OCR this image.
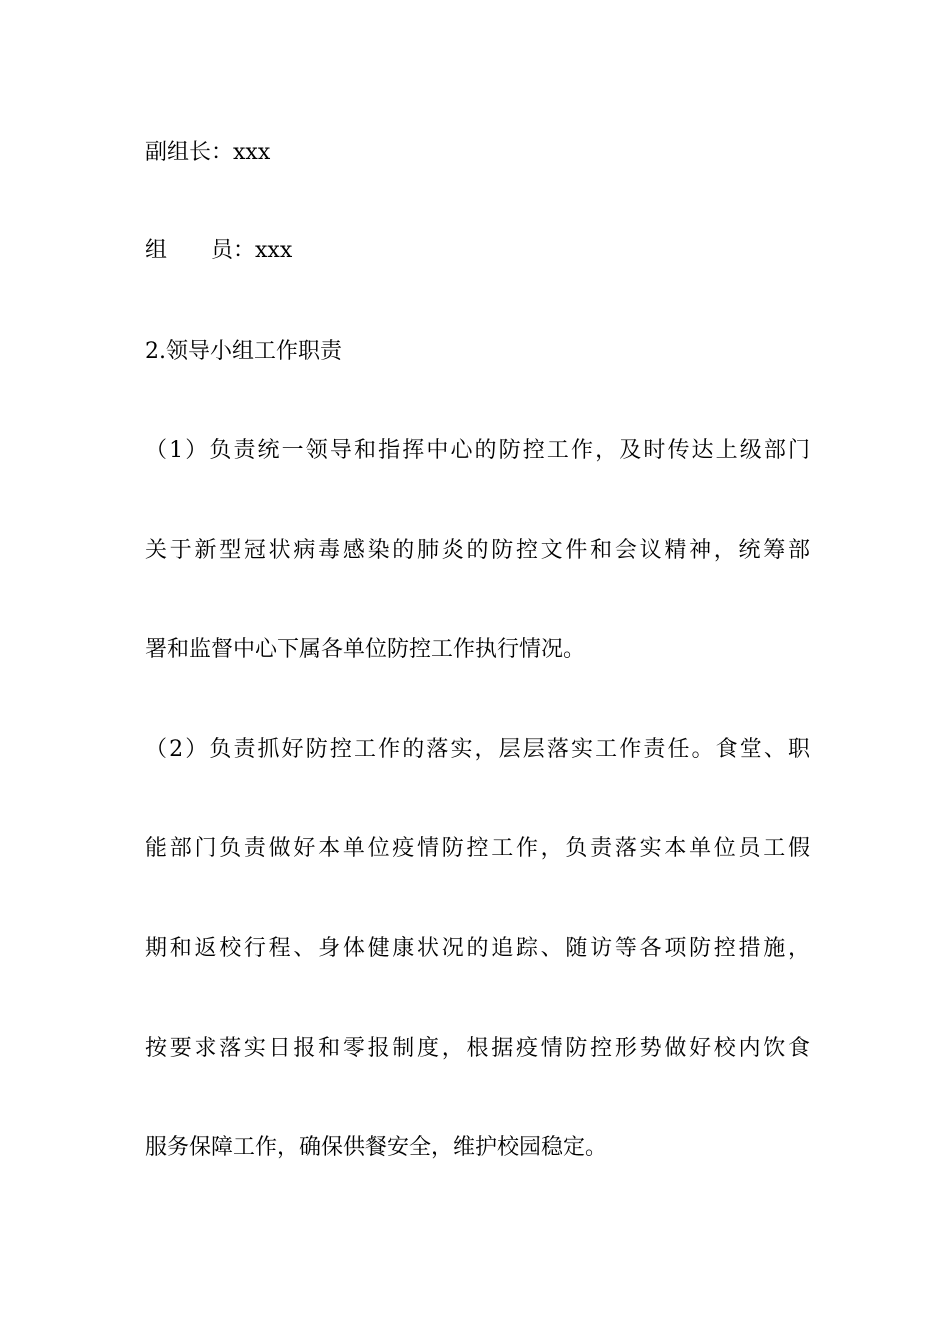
副组长：xxx
组　　员：xxx
2.领导小组工作职责
（1）负责统一领导和指挥中心的防控工作，及时传达上级部门
关于新型冠状病毒感染的肺炎的防控文件和会议精神，统筹部
署和监督中心下属各单位防控工作执行情况。
（2）负责抓好防控工作的落实，层层落实工作责任。食堂、职
能部门负责做好本单位疫情防控工作，负责落实本单位员工假
期和返校行程、身体健康状况的追踪、随访等各项防控措施，
按要求落实日报和零报制度，根据疫情防控形势做好校内饮食
服务保障工作，确保供餐安全，维护校园稳定。
